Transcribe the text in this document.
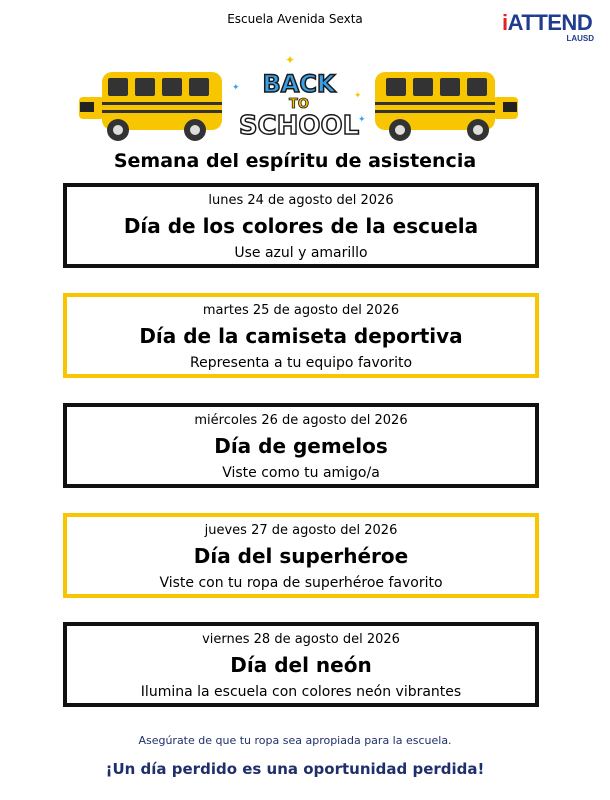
Escuela Avenida Sexta	iATTEND
LAUSD
✦
✦
✦
✦
BACK
TO
SCHOOL
Semana del espíritu de asistencia
lunes 24 de agosto del 2026
Día de los colores de la escuela
Use azul y amarillo
martes 25 de agosto del 2026
Día de la camiseta deportiva
Representa a tu equipo favorito
miércoles 26 de agosto del 2026
Día de gemelos
Viste como tu amigo/a
jueves 27 de agosto del 2026
Día del superhéroe
Viste con tu ropa de superhéroe favorito
viernes 28 de agosto del 2026
Día del neón
Ilumina la escuela con colores neón vibrantes
Asegúrate de que tu ropa sea apropiada para la escuela.
¡Un día perdido es una oportunidad perdida!
